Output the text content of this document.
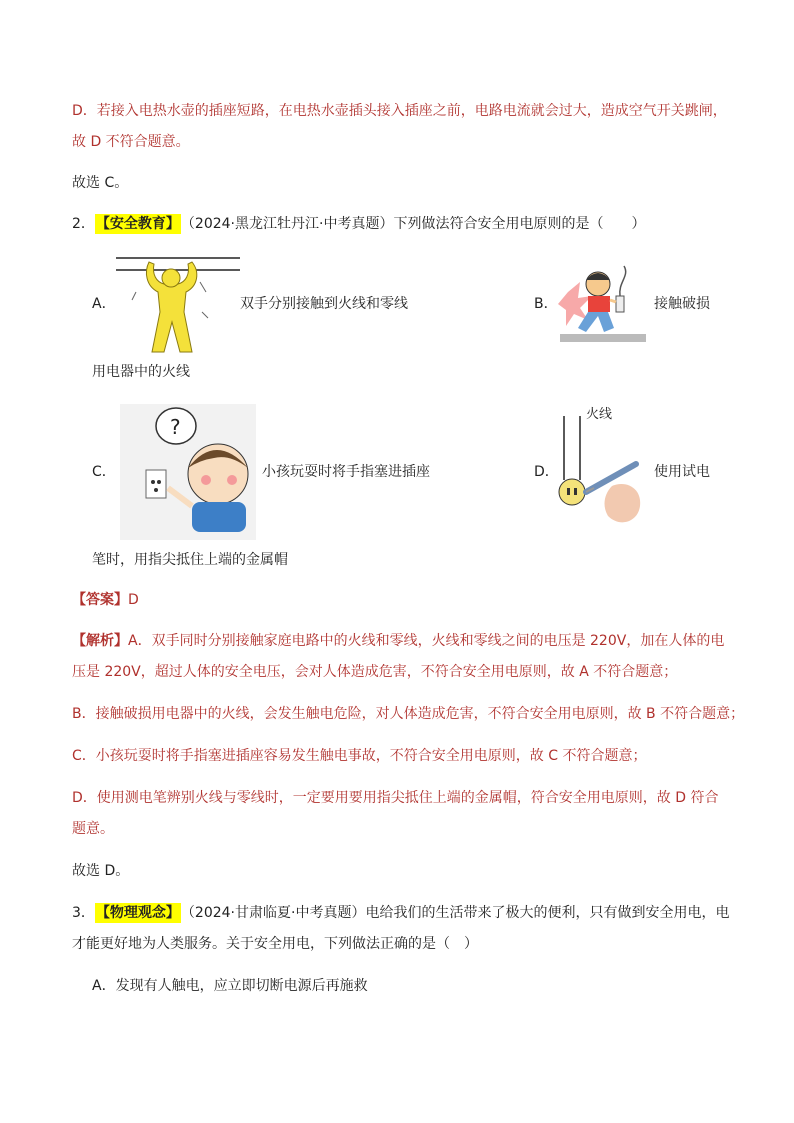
D．若接入电热水壶的插座短路，在电热水壶插头接入插座之前，电路电流就会过大，造成空气开关跳闸，
故 D 不符合题意。
故选 C。
2．【安全教育】（2024·黑龙江牡丹江·中考真题）下列做法符合安全用电原则的是（　　）
A．	双手分别接触到火线和零线	B．	接触破损
用电器中的火线
C．
?
小孩玩耍时将手指塞进插座	D．
火线
使用试电
笔时，用指尖抵住上端的金属帽
【答案】D
【解析】A．双手同时分别接触家庭电路中的火线和零线，火线和零线之间的电压是 220V，加在人体的电
压是 220V，超过人体的安全电压，会对人体造成危害，不符合安全用电原则，故 A 不符合题意；
B．接触破损用电器中的火线，会发生触电危险，对人体造成危害，不符合安全用电原则，故 B 不符合题意；
C．小孩玩耍时将手指塞进插座容易发生触电事故，不符合安全用电原则，故 C 不符合题意；
D．使用测电笔辨别火线与零线时，一定要用要用指尖抵住上端的金属帽，符合安全用电原则，故 D 符合
题意。
故选 D。
3．【物理观念】（2024·甘肃临夏·中考真题）电给我们的生活带来了极大的便利，只有做到安全用电，电
才能更好地为人类服务。关于安全用电，下列做法正确的是（　）
A．发现有人触电，应立即切断电源后再施救
